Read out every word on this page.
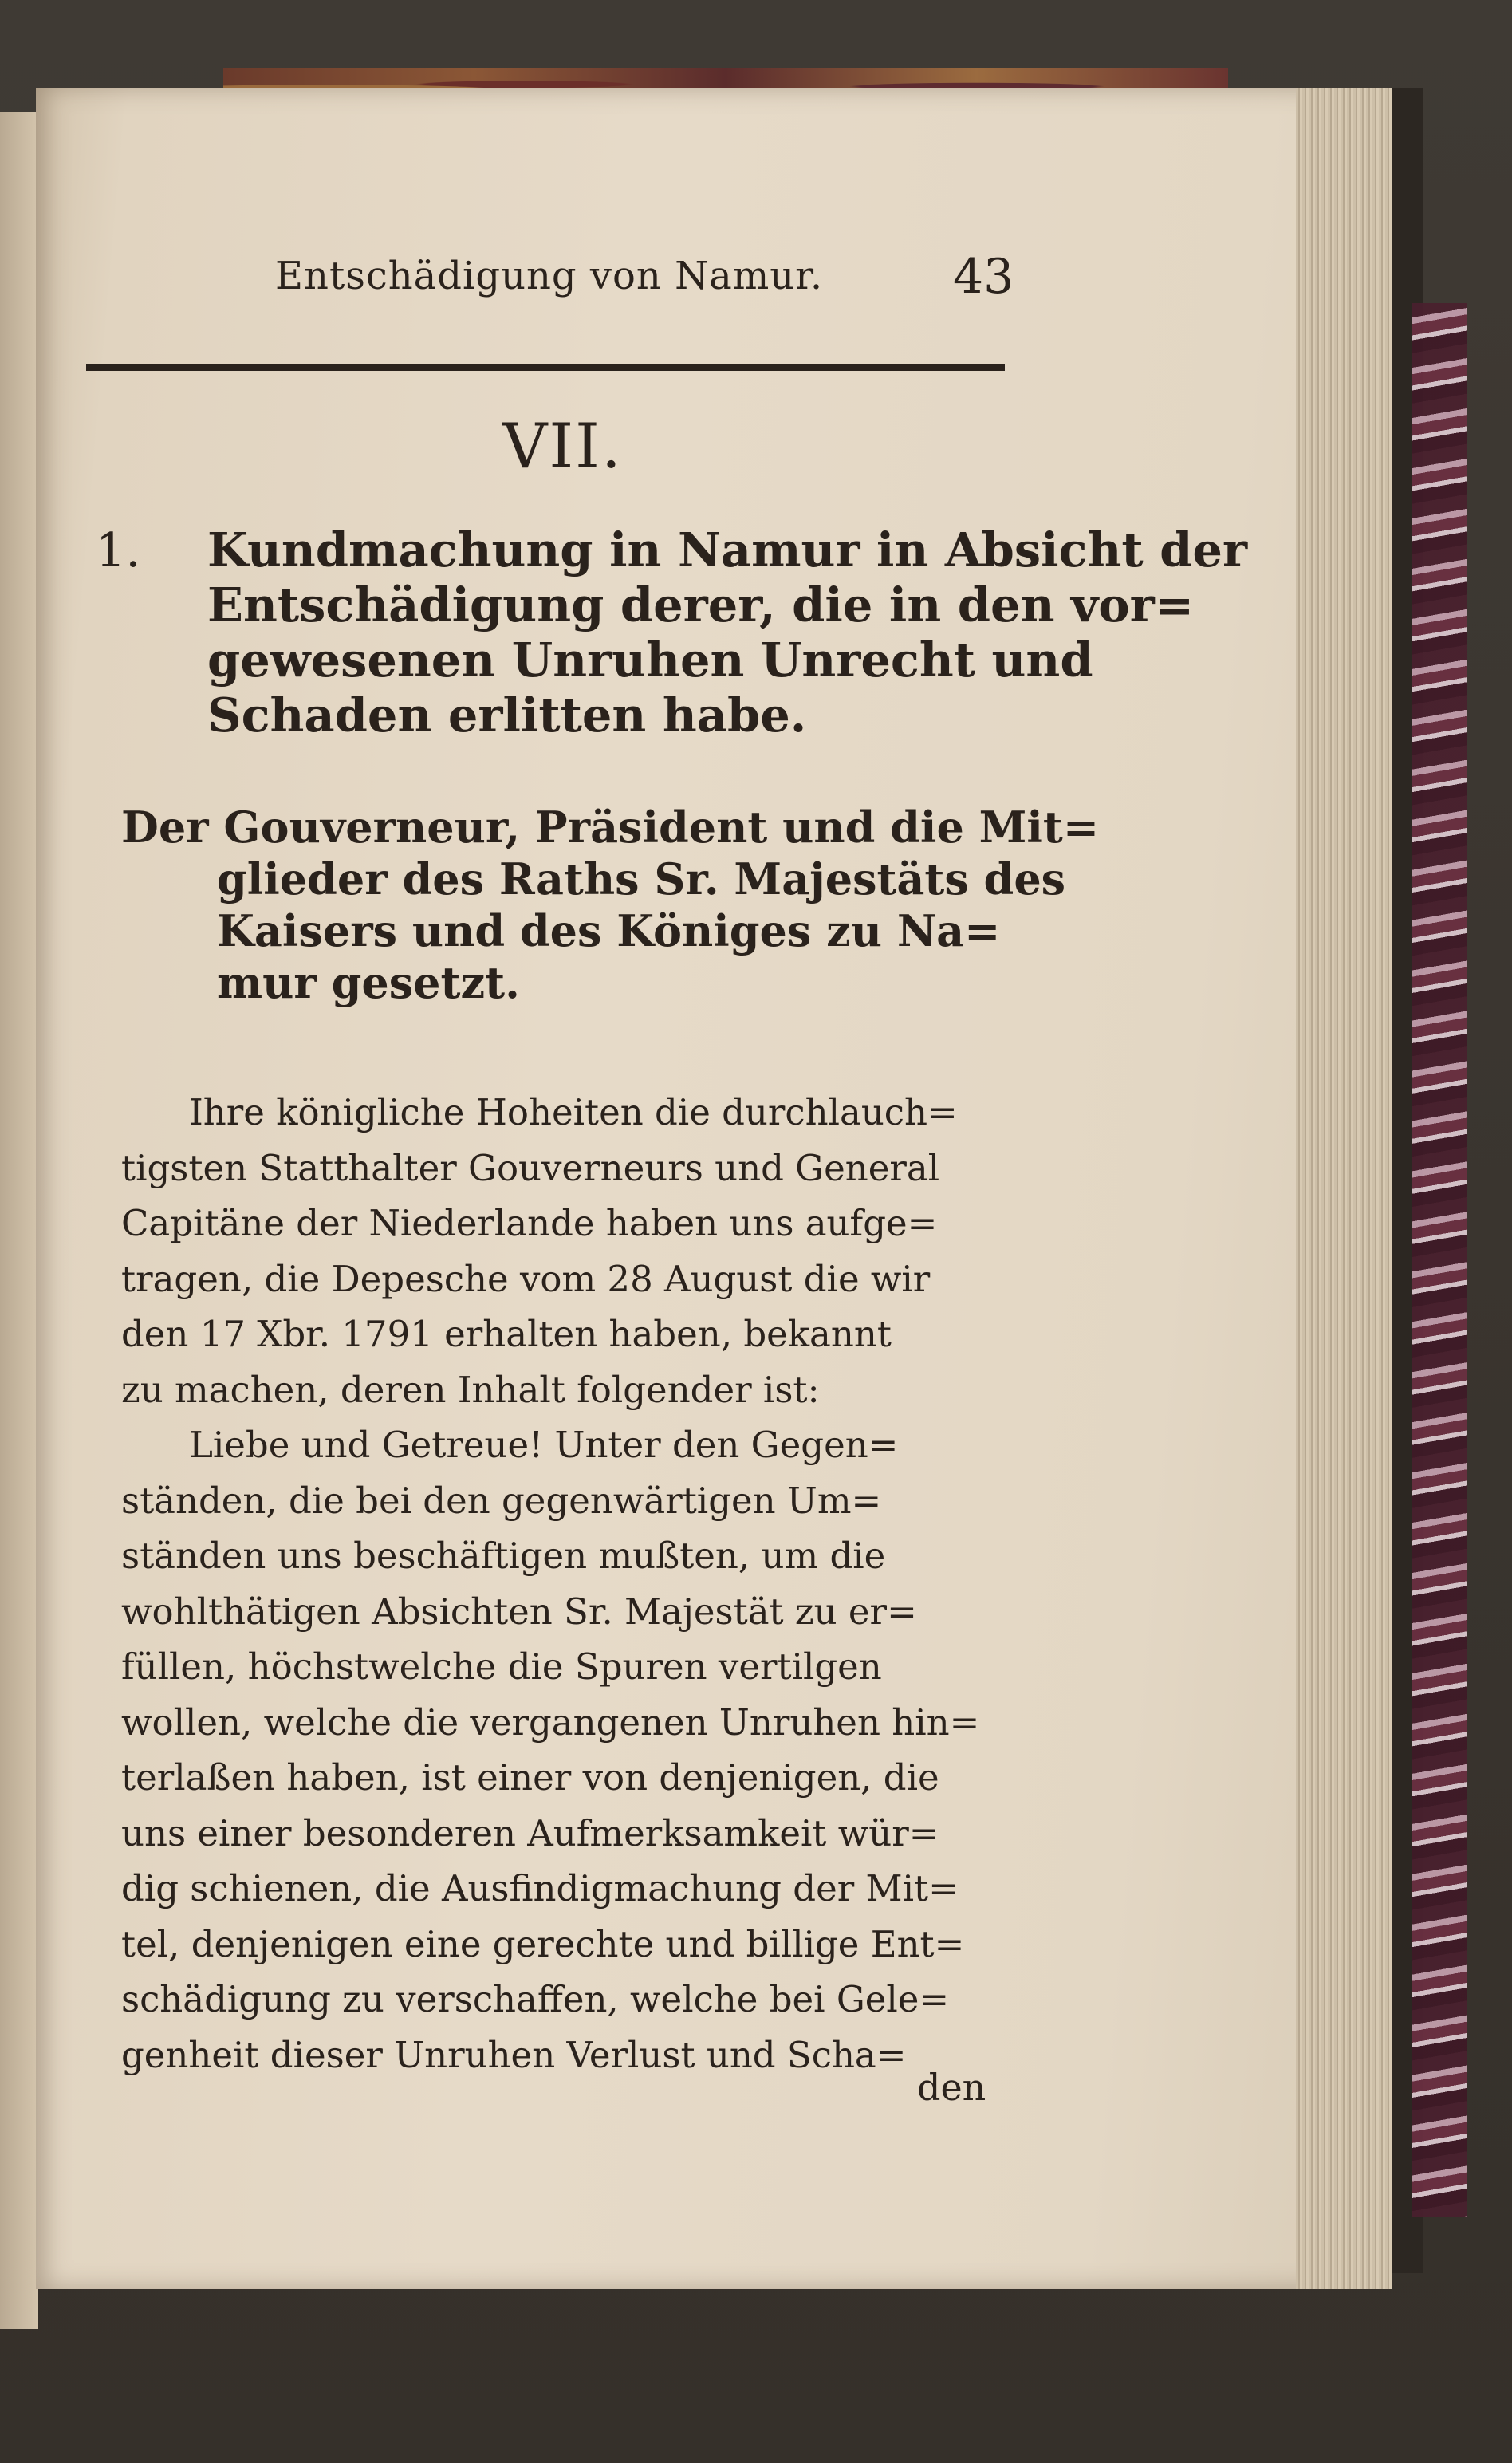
Entschädigung von Namur.	43
VII.
1.	Kundmachung in Namur in Absicht der
Entschädigung derer, die in den vor=
gewesenen Unruhen Unrecht und
Schaden erlitten habe.
Der Gouverneur, Präsident und die Mit=
glieder des Raths Sr. Majestäts des
Kaisers und des Königes zu Na=
mur gesetzt.
Ihre königliche Hoheiten die durchlauch=
tigsten Statthalter Gouverneurs und General
Capitäne der Niederlande haben uns aufge=
tragen, die Depesche vom 28 August die wir
den 17 Xbr. 1791 erhalten haben, bekannt
zu machen, deren Inhalt folgender ist:
Liebe und Getreue! Unter den Gegen=
ständen, die bei den gegenwärtigen Um=
ständen uns beschäftigen mußten, um die
wohlthätigen Absichten Sr. Majestät zu er=
füllen, höchstwelche die Spuren vertilgen
wollen, welche die vergangenen Unruhen hin=
terlaßen haben, ist einer von denjenigen, die
uns einer besonderen Aufmerksamkeit wür=
dig schienen, die Ausfindigmachung der Mit=
tel, denjenigen eine gerechte und billige Ent=
schädigung zu verschaffen, welche bei Gele=
genheit dieser Unruhen Verlust und Scha=
den
